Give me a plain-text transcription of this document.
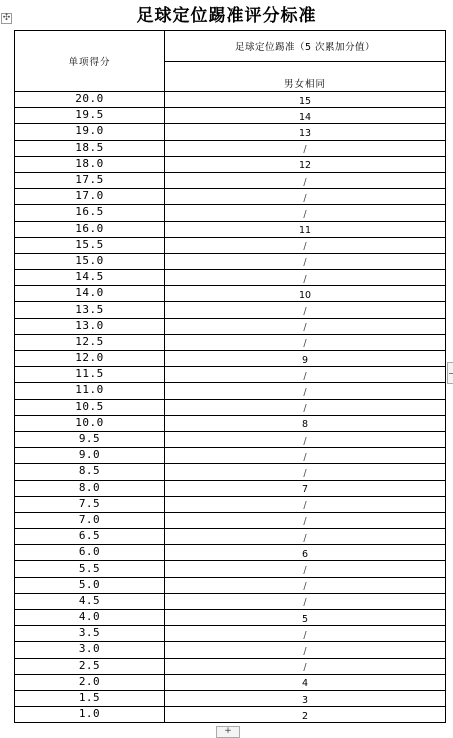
✣	足球定位踢准评分标准
单项得分	足球定位踢准（5 次累加分值）
	男女相同
20.0	15
19.5	14
19.0	13
18.5	/
18.0	12
17.5	/
17.0	/
16.5	/
16.0	11
15.5	/
15.0	/
14.5	/
14.0	10
13.5	/
13.0	/
12.5	/
12.0	9
11.5	/
11.0	/
10.5	/
10.0	8
9.5	/
9.0	/
8.5	/
8.0	7
7.5	/
7.0	/
6.5	/
6.0	6
5.5	/
5.0	/
4.5	/
4.0	5
3.5	/
3.0	/
2.5	/
2.0	4
1.5	3
1.0	2
+
